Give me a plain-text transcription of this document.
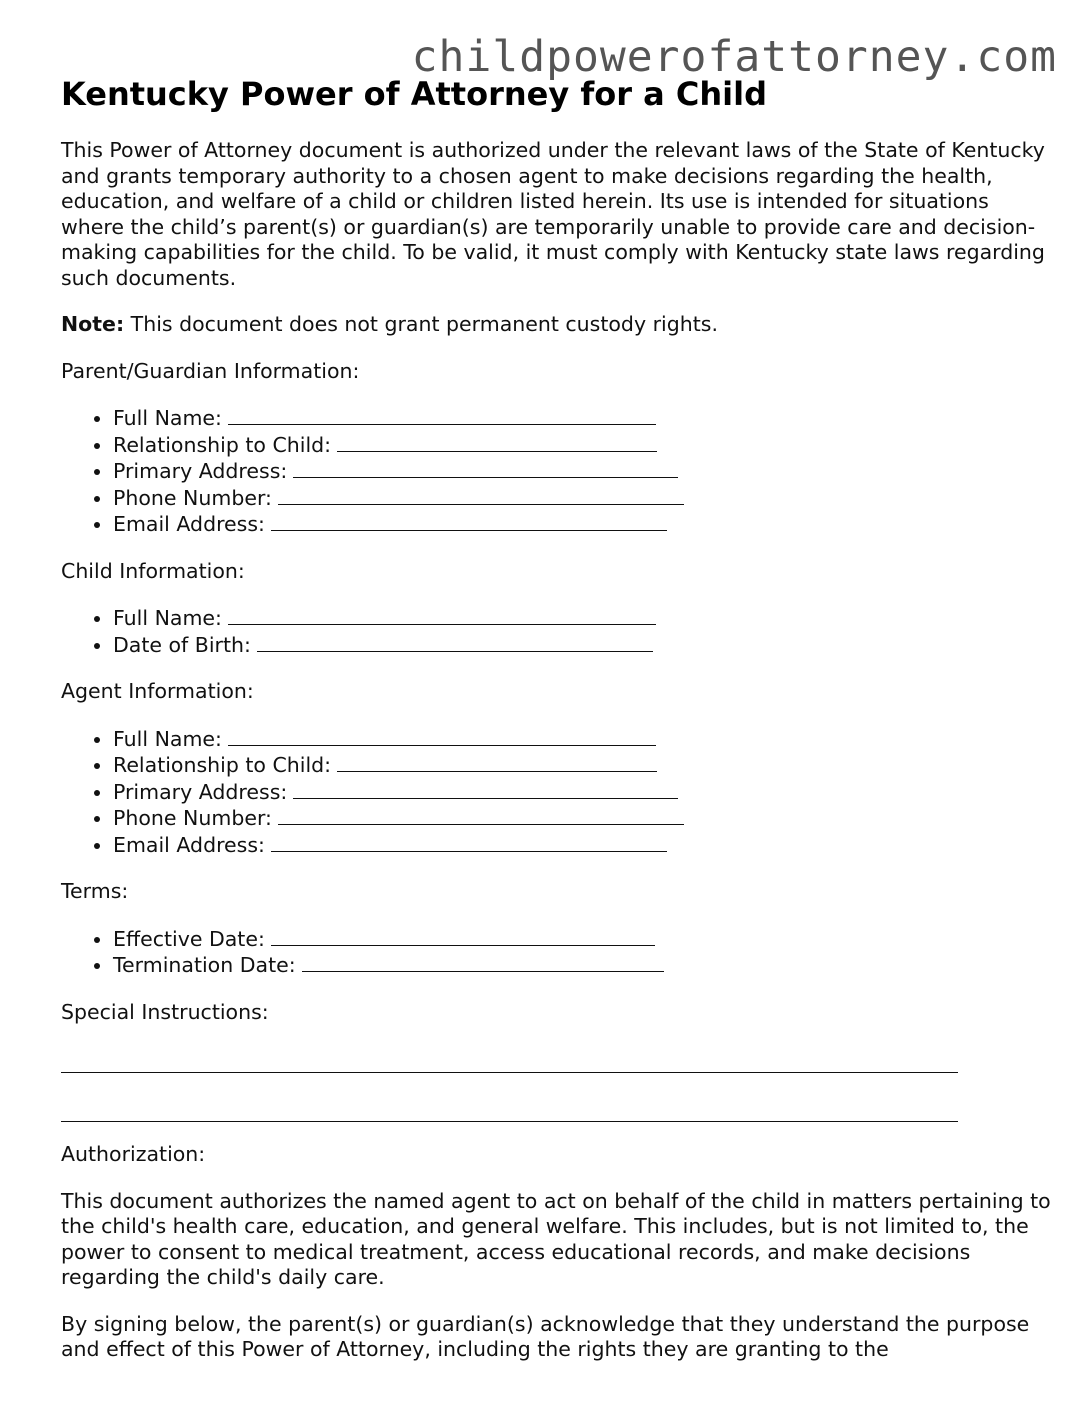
childpowerofattorney.com
Kentucky Power of Attorney for a Child

This Power of Attorney document is authorized under the relevant laws of the State of Kentucky and grants temporary authority to a chosen agent to make decisions regarding the health, education, and welfare of a child or children listed herein. Its use is intended for situations where the child’s parent(s) or guardian(s) are temporarily unable to provide care and decision-making capabilities for the child. To be valid, it must comply with Kentucky state laws regarding such documents.

Note: This document does not grant permanent custody rights.

Parent/Guardian Information:
• Full Name:
• Relationship to Child:
• Primary Address:
• Phone Number:
• Email Address:
Child Information:
• Full Name:
• Date of Birth:
Agent Information:
• Full Name:
• Relationship to Child:
• Primary Address:
• Phone Number:
• Email Address:
Terms:
• Effective Date:
• Termination Date:
Special Instructions:
Authorization:

This document authorizes the named agent to act on behalf of the child in matters pertaining to the child's health care, education, and general welfare. This includes, but is not limited to, the power to consent to medical treatment, access educational records, and make decisions regarding the child's daily care.

By signing below, the parent(s) or guardian(s) acknowledge that they understand the purpose and effect of this Power of Attorney, including the rights they are granting to the
